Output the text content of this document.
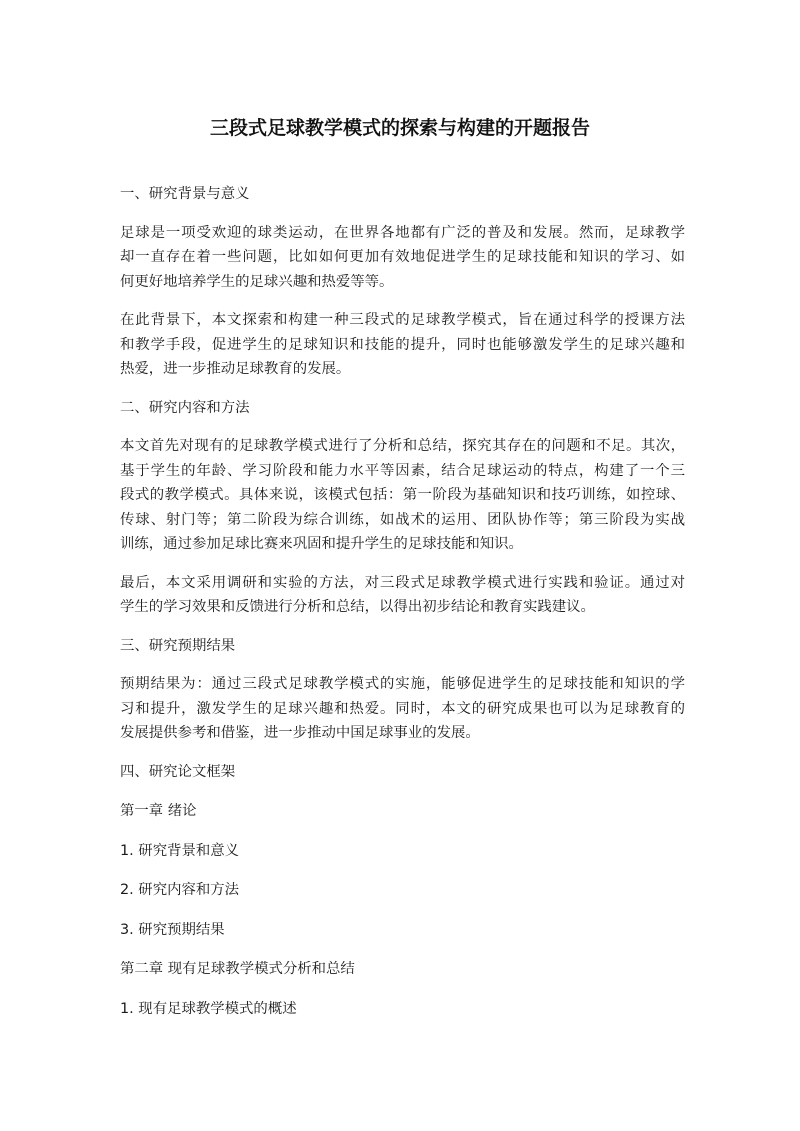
三段式足球教学模式的探索与构建的开题报告

一、研究背景与意义

足球是一项受欢迎的球类运动，在世界各地都有广泛的普及和发展。然而，足球教学
却一直存在着一些问题，比如如何更加有效地促进学生的足球技能和知识的学习、如
何更好地培养学生的足球兴趣和热爱等等。
在此背景下，本文探索和构建一种三段式的足球教学模式，旨在通过科学的授课方法
和教学手段，促进学生的足球知识和技能的提升，同时也能够激发学生的足球兴趣和
热爱，进一步推动足球教育的发展。

二、研究内容和方法

本文首先对现有的足球教学模式进行了分析和总结，探究其存在的问题和不足。其次，
基于学生的年龄、学习阶段和能力水平等因素，结合足球运动的特点，构建了一个三
段式的教学模式。具体来说，该模式包括：第一阶段为基础知识和技巧训练，如控球、
传球、射门等；第二阶段为综合训练，如战术的运用、团队协作等；第三阶段为实战
训练，通过参加足球比赛来巩固和提升学生的足球技能和知识。
最后，本文采用调研和实验的方法，对三段式足球教学模式进行实践和验证。通过对
学生的学习效果和反馈进行分析和总结，以得出初步结论和教育实践建议。

三、研究预期结果

预期结果为：通过三段式足球教学模式的实施，能够促进学生的足球技能和知识的学
习和提升，激发学生的足球兴趣和热爱。同时，本文的研究成果也可以为足球教育的
发展提供参考和借鉴，进一步推动中国足球事业的发展。

四、研究论文框架

第一章 绪论

1. 研究背景和意义

2. 研究内容和方法

3. 研究预期结果

第二章 现有足球教学模式分析和总结

1. 现有足球教学模式的概述
